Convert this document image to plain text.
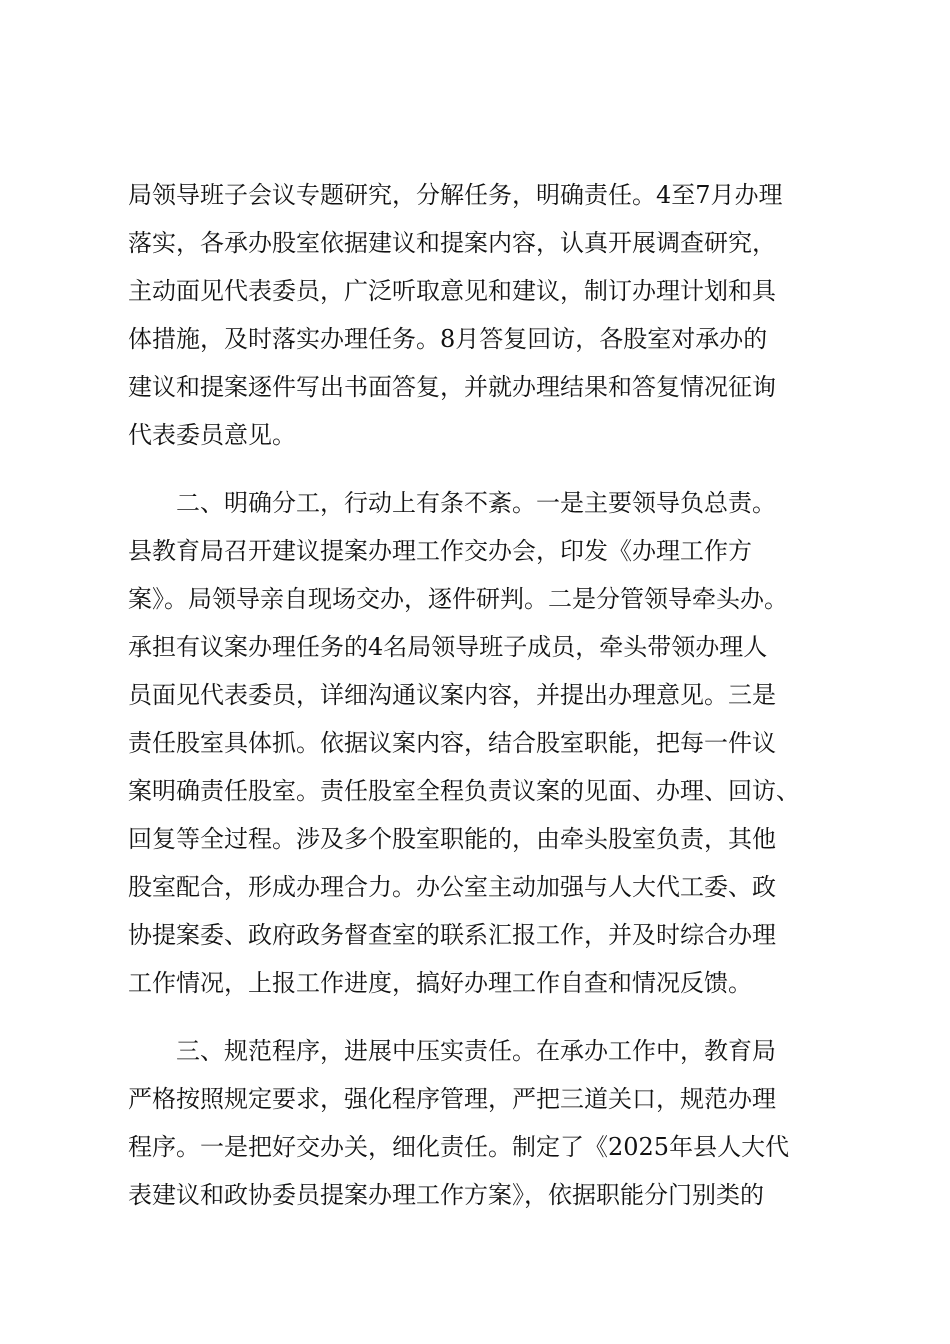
局领导班子会议专题研究，分解任务，明确责任。4至7月办理
落实，各承办股室依据建议和提案内容，认真开展调查研究，
主动面见代表委员，广泛听取意见和建议，制订办理计划和具
体措施，及时落实办理任务。8月答复回访，各股室对承办的
建议和提案逐件写出书面答复，并就办理结果和答复情况征询
代表委员意见。
二、明确分工，行动上有条不紊。一是主要领导负总责。
县教育局召开建议提案办理工作交办会，印发《办理工作方
案》。局领导亲自现场交办，逐件研判。二是分管领导牵头办。
承担有议案办理任务的4名局领导班子成员，牵头带领办理人
员面见代表委员，详细沟通议案内容，并提出办理意见。三是
责任股室具体抓。依据议案内容，结合股室职能，把每一件议
案明确责任股室。责任股室全程负责议案的见面、办理、回访、
回复等全过程。涉及多个股室职能的，由牵头股室负责，其他
股室配合，形成办理合力。办公室主动加强与人大代工委、政
协提案委、政府政务督查室的联系汇报工作，并及时综合办理
工作情况，上报工作进度，搞好办理工作自查和情况反馈。
三、规范程序，进展中压实责任。在承办工作中，教育局
严格按照规定要求，强化程序管理，严把三道关口，规范办理
程序。一是把好交办关，细化责任。制定了《2025年县人大代
表建议和政协委员提案办理工作方案》，依据职能分门别类的
